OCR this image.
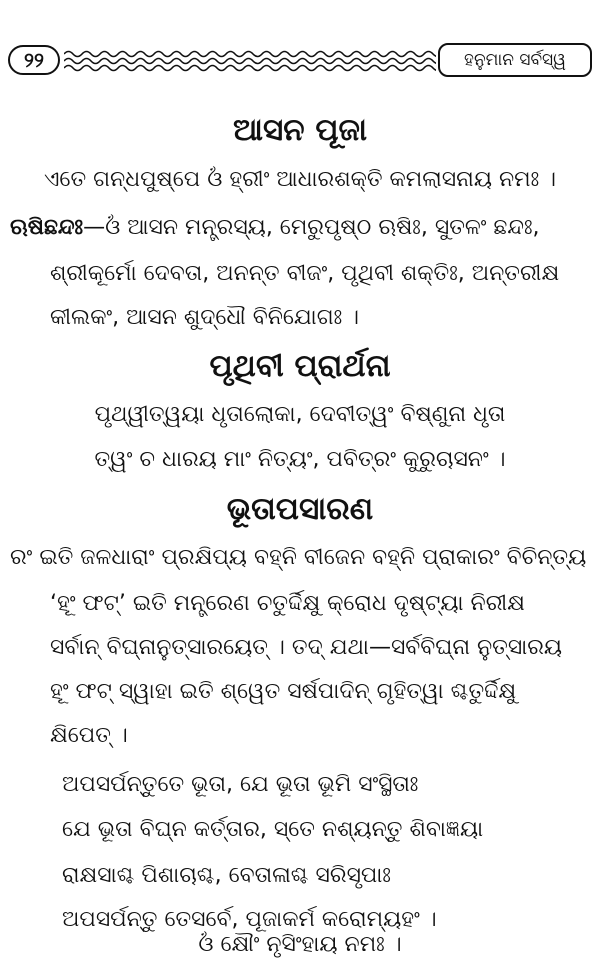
୨୨	ହନୁମାନ ସର୍ବସ୍ୱ
ଆସନ ପୂଜା
ଏତେ ଗନ୍ଧପୁଷ୍ପେ ଓଁ ହ୍ରୀଂ ଆଧାରଶକ୍ତି କମଲାସନାୟ ନମଃ ।
ଋଷିଛନ୍ଦଃ—ଓଁ ଆସନ ମନ୍ତ୍ରସ୍ୟ, ମେରୁପୃଷ୍ଠ ଋଷିଃ, ସୁତଳଂ ଛନ୍ଦଃ,
ଶ୍ରୀକୂର୍ମୋ ଦେବତା, ଅନନ୍ତ ବୀଜଂ, ପୃଥିବୀ ଶକ୍ତିଃ, ଅନ୍ତରୀକ୍ଷ
କୀଲକଂ, ଆସନ ଶୁଦ୍ଧୌ ବିନିଯୋଗଃ ।
ପୃଥିବୀ ପ୍ରାର୍ଥନା
ପୃଥ୍ୱୀତ୍ୱୟା ଧୃତାଲୋକା, ଦେବୀତ୍ୱଂ ବିଷ୍ଣୁନା ଧୃତା
ତ୍ୱଂ ଚ ଧାରୟ ମାଂ ନିତ୍ୟଂ, ପବିତ୍ରଂ କୁରୁଚାସନଂ ।
ଭୂତାପସାରଣ
ରଂ ଇତି ଜଳଧାରାଂ ପ୍ରକ୍ଷିପ୍ୟ ବହ୍ନି ବୀଜେନ ବହ୍ନି ପ୍ରାକାରଂ ବିଚିନ୍ତ୍ୟ
‘ହୂଂ ଫଟ୍’ ଇତି ମନ୍ତ୍ରେଣ ଚତୁର୍ଦ୍ଦିକ୍ଷୁ କ୍ରୋଧ ଦୃଷ୍ଟ୍ୟା ନିରୀକ୍ଷ
ସର୍ବାନ୍ ବିଘ୍ନାନୁତ୍ସାରୟେତ୍ । ତଦ୍ ଯଥା—ସର୍ବବିଘ୍ନା ନୁତ୍ସାରୟ
ହୂଂ ଫଟ୍ ସ୍ୱାହା ଇତି ଶ୍ୱେତ ସର୍ଷପାଦିନ୍ ଗୃହିତ୍ୱା ଶ୍ଚତୁର୍ଦ୍ଦିକ୍ଷୁ
କ୍ଷିପେତ୍ ।
ଅପସର୍ପନ୍ତୁତେ ଭୂତା, ଯେ ଭୂତା ଭୂମି ସଂସ୍ଥିତାଃ
ଯେ ଭୂତା ବିଘ୍ନ କର୍ତ୍ତାର, ସ୍ତେ ନଶ୍ୟନ୍ତୁ ଶିବାଜ୍ଞୟା
ରାକ୍ଷସାଶ୍ଚ ପିଶାଚାଶ୍ଚ, ବେତାଳାଶ୍ଚ ସରିସୃପାଃ
ଅପସର୍ପନ୍ତୁ ତେସର୍ବେ, ପୂଜାକର୍ମ କରୋମ୍ୟହଂ ।
ଓଁ କ୍ଷୌଂ ନୃସିଂହାୟ ନମଃ ।
